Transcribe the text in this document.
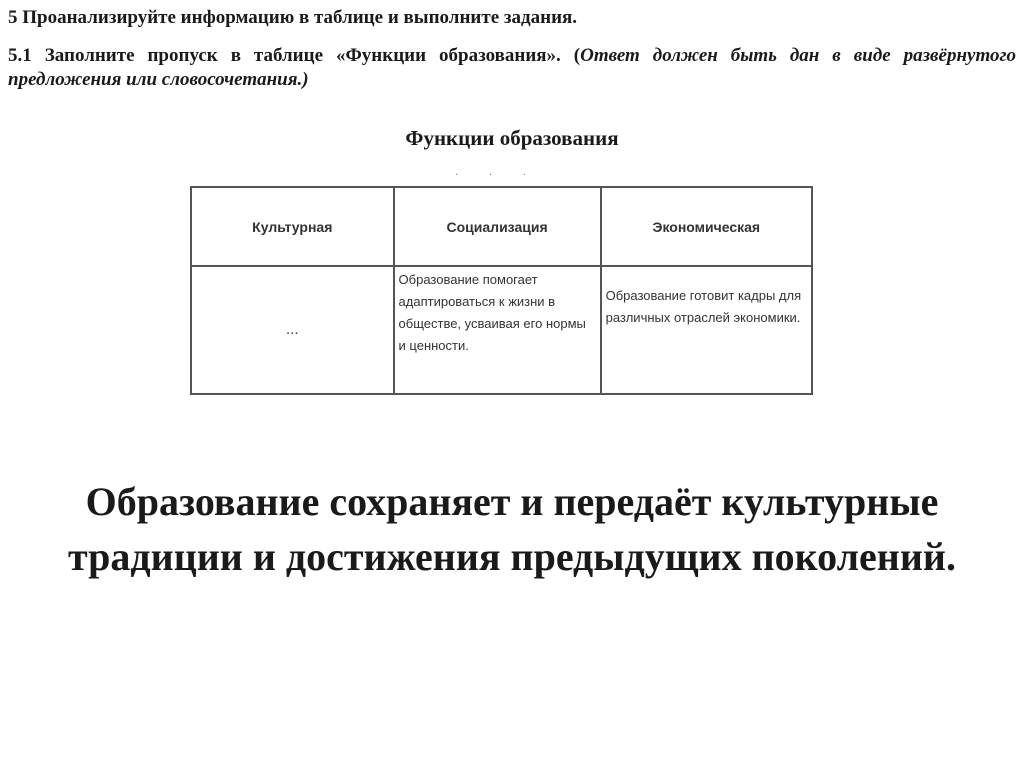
5 Проанализируйте информацию в таблице и выполните задания.

5.1 Заполните пропуск в таблице «Функции образования». (Ответ должен быть дан в виде развёрнутого предложения или словосочетания.)

Функции образования

· · ·
Культурная	Социализация	Экономическая
...	Образование помогает адаптироваться к жизни в обществе, усваивая его нормы и ценности.	Образование готовит кадры для различных отраслей экономики.

Образование сохраняет и передаёт культурные традиции и достижения предыдущих поколений.
